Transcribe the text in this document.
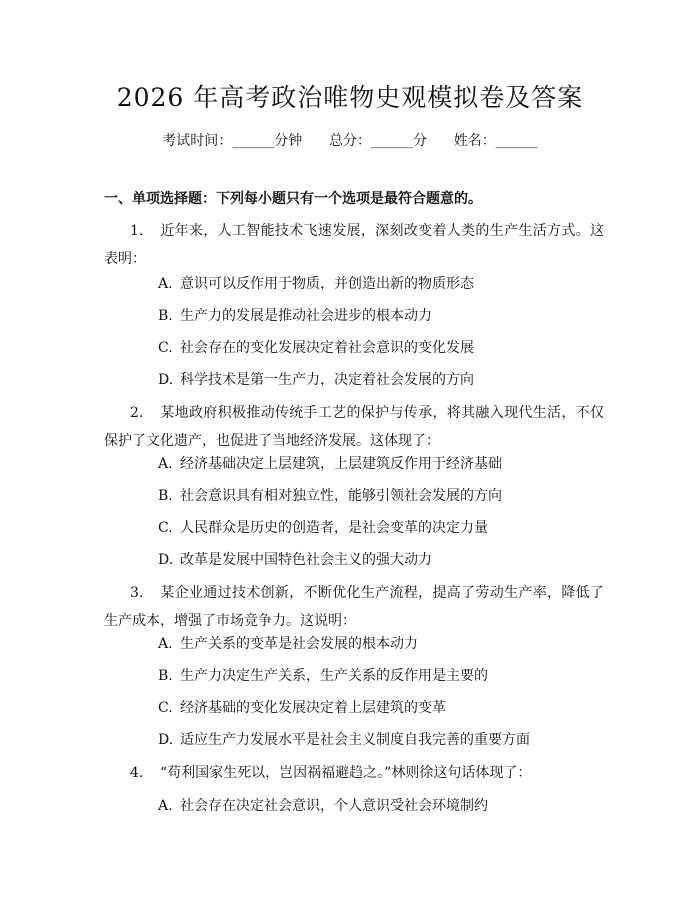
2026 年高考政治唯物史观模拟卷及答案
考试时间：______分钟      总分：______分      姓名：______
一、单项选择题：下列每小题只有一个选项是最符合题意的。
1. 近年来，人工智能技术飞速发展，深刻改变着人类的生产生活方式。这表明：
A. 意识可以反作用于物质，并创造出新的物质形态
B. 生产力的发展是推动社会进步的根本动力
C. 社会存在的变化发展决定着社会意识的变化发展
D. 科学技术是第一生产力，决定着社会发展的方向
2. 某地政府积极推动传统手工艺的保护与传承，将其融入现代生活，不仅保护了文化遗产，也促进了当地经济发展。这体现了：
A. 经济基础决定上层建筑，上层建筑反作用于经济基础
B. 社会意识具有相对独立性，能够引领社会发展的方向
C. 人民群众是历史的创造者，是社会变革的决定力量
D. 改革是发展中国特色社会主义的强大动力
3. 某企业通过技术创新，不断优化生产流程，提高了劳动生产率，降低了生产成本，增强了市场竞争力。这说明：
A. 生产关系的变革是社会发展的根本动力
B. 生产力决定生产关系，生产关系的反作用是主要的
C. 经济基础的变化发展决定着上层建筑的变革
D. 适应生产力发展水平是社会主义制度自我完善的重要方面
4. “苟利国家生死以，岂因祸福避趋之。”林则徐这句话体现了：
A. 社会存在决定社会意识，个人意识受社会环境制约
